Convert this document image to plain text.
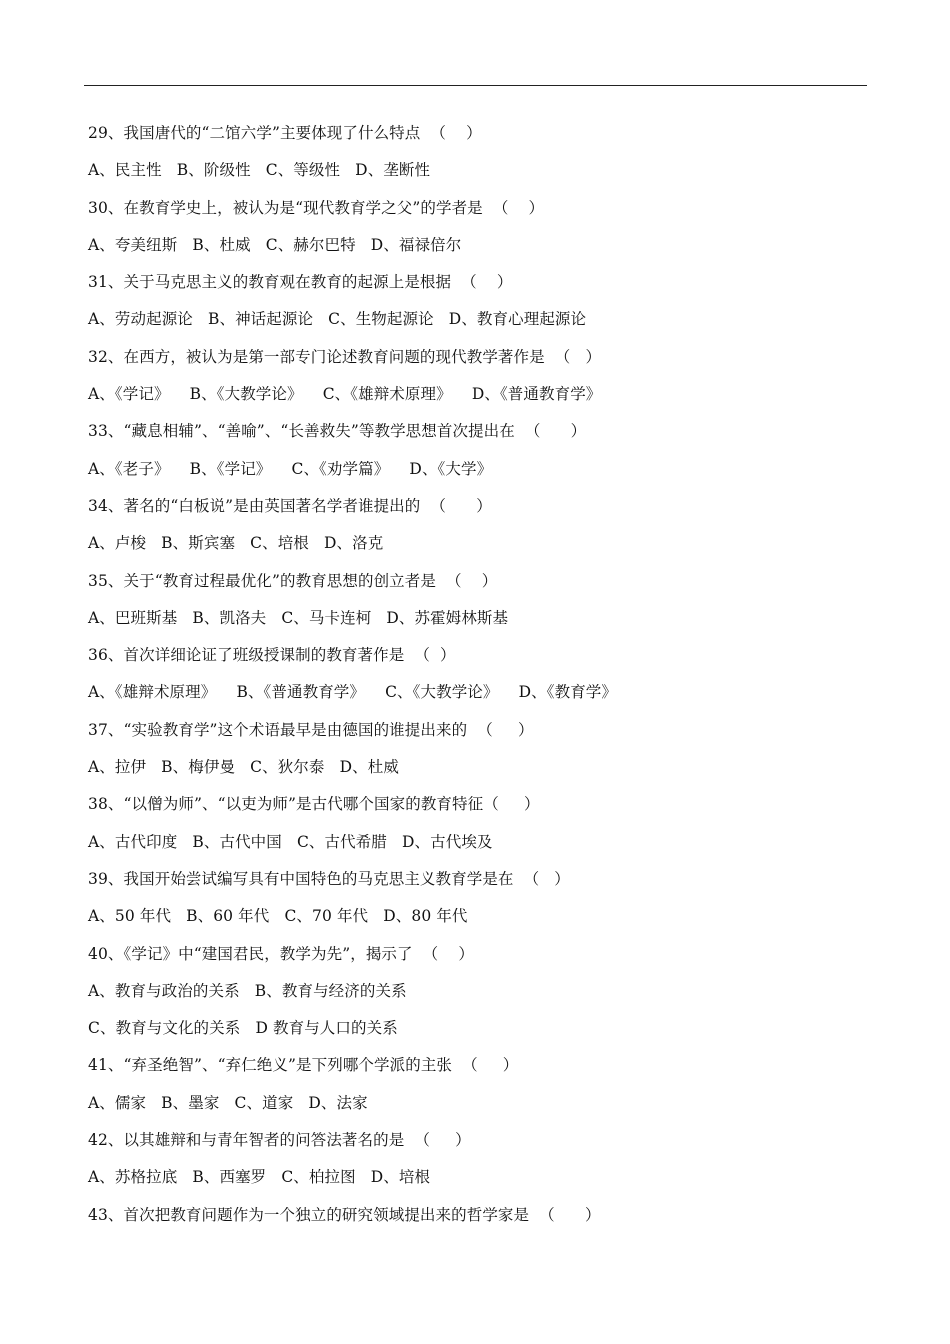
29、我国唐代的“二馆六学”主要体现了什么特点  （    ）
A、民主性   B、阶级性   C、等级性   D、垄断性
30、在教育学史上，被认为是“现代教育学之父”的学者是  （    ）
A、夸美纽斯   B、杜威   C、赫尔巴特   D、福禄倍尔
31、关于马克思主义的教育观在教育的起源上是根据  （    ）
A、劳动起源论   B、神话起源论   C、生物起源论   D、教育心理起源论
32、在西方，被认为是第一部专门论述教育问题的现代教学著作是  （   ）
A、《学记》    B、《大教学论》    C、《雄辩术原理》    D、《普通教育学》
33、“藏息相辅”、“善喻”、“长善救失”等教学思想首次提出在  （      ）
A、《老子》    B、《学记》    C、《劝学篇》    D、《大学》
34、著名的“白板说”是由英国著名学者谁提出的  （      ）
A、卢梭   B、斯宾塞   C、培根   D、洛克
35、关于“教育过程最优化”的教育思想的创立者是  （    ）
A、巴班斯基   B、凯洛夫   C、马卡连柯   D、苏霍姆林斯基
36、首次详细论证了班级授课制的教育著作是  （  ）
A、《雄辩术原理》    B、《普通教育学》    C、《大教学论》    D、《教育学》
37、“实验教育学”这个术语最早是由德国的谁提出来的  （     ）
A、拉伊   B、梅伊曼   C、狄尔泰   D、杜威
38、“以僧为师”、“以吏为师”是古代哪个国家的教育特征（     ）
A、古代印度   B、古代中国   C、古代希腊   D、古代埃及
39、我国开始尝试编写具有中国特色的马克思主义教育学是在  （   ）
A、50 年代   B、60 年代   C、70 年代   D、80 年代
40、《学记》中“建国君民，教学为先”，揭示了  （    ）
A、教育与政治的关系   B、教育与经济的关系
C、教育与文化的关系   D 教育与人口的关系
41、“弃圣绝智”、“弃仁绝义”是下列哪个学派的主张  （     ）
A、儒家   B、墨家   C、道家   D、法家
42、以其雄辩和与青年智者的问答法著名的是  （     ）
A、苏格拉底   B、西塞罗   C、柏拉图   D、培根
43、首次把教育问题作为一个独立的研究领域提出来的哲学家是  （      ）
